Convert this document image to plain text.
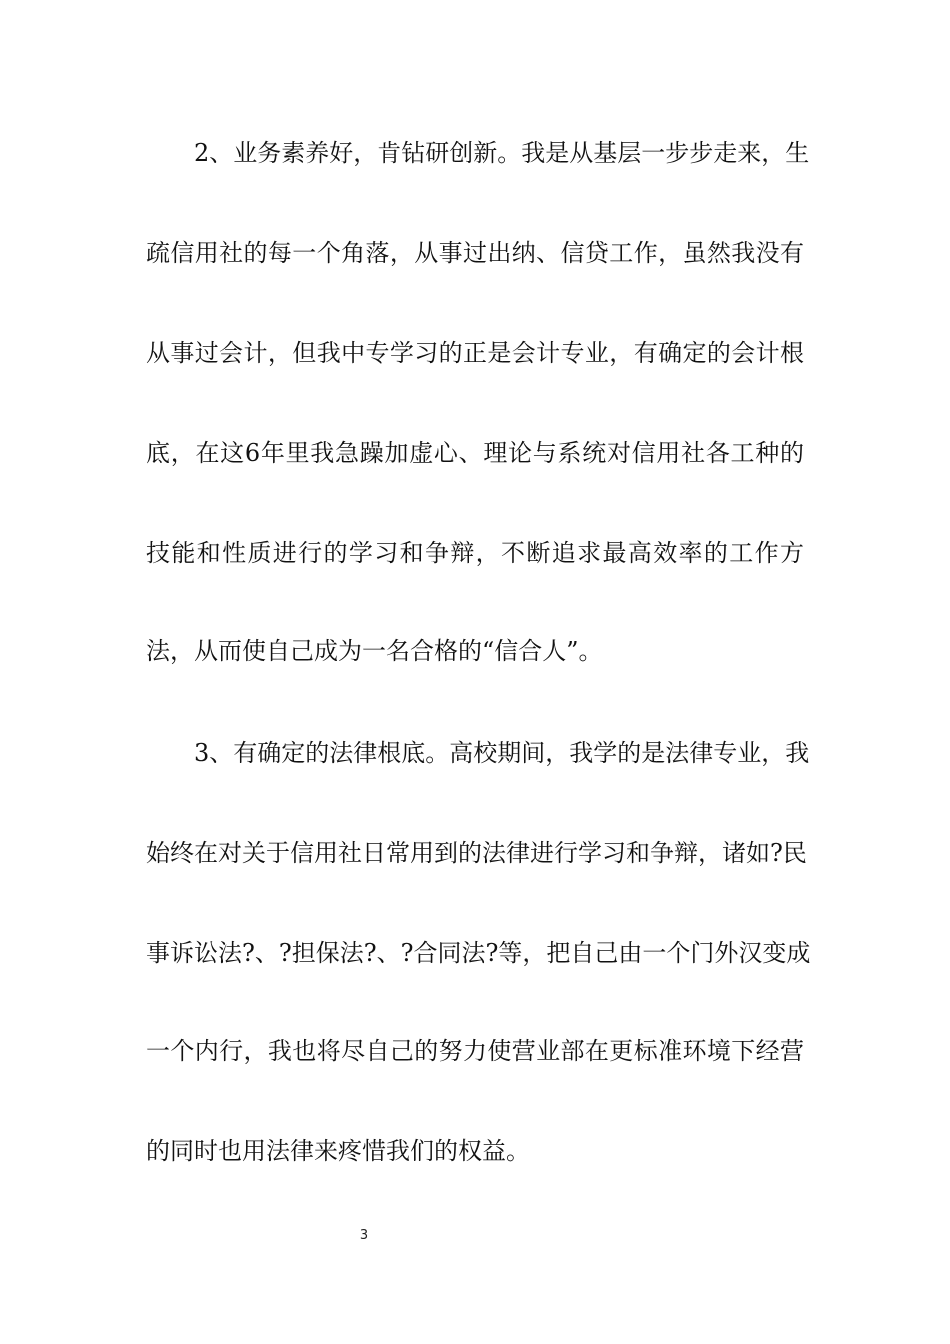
2、业务素养好，肯钻研创新。我是从基层一步步走来，生
疏信用社的每一个角落，从事过出纳、信贷工作，虽然我没有
从事过会计，但我中专学习的正是会计专业，有确定的会计根
底，在这6年里我急躁加虚心、理论与系统对信用社各工种的
技能和性质进行的学习和争辩，不断追求最高效率的工作方
法，从而使自己成为一名合格的“信合人”。
3、有确定的法律根底。高校期间，我学的是法律专业，我
始终在对关于信用社日常用到的法律进行学习和争辩，诸如?民
事诉讼法?、?担保法?、?合同法?等，把自己由一个门外汉变成
一个内行，我也将尽自己的努力使营业部在更标准环境下经营
的同时也用法律来疼惜我们的权益。
3
